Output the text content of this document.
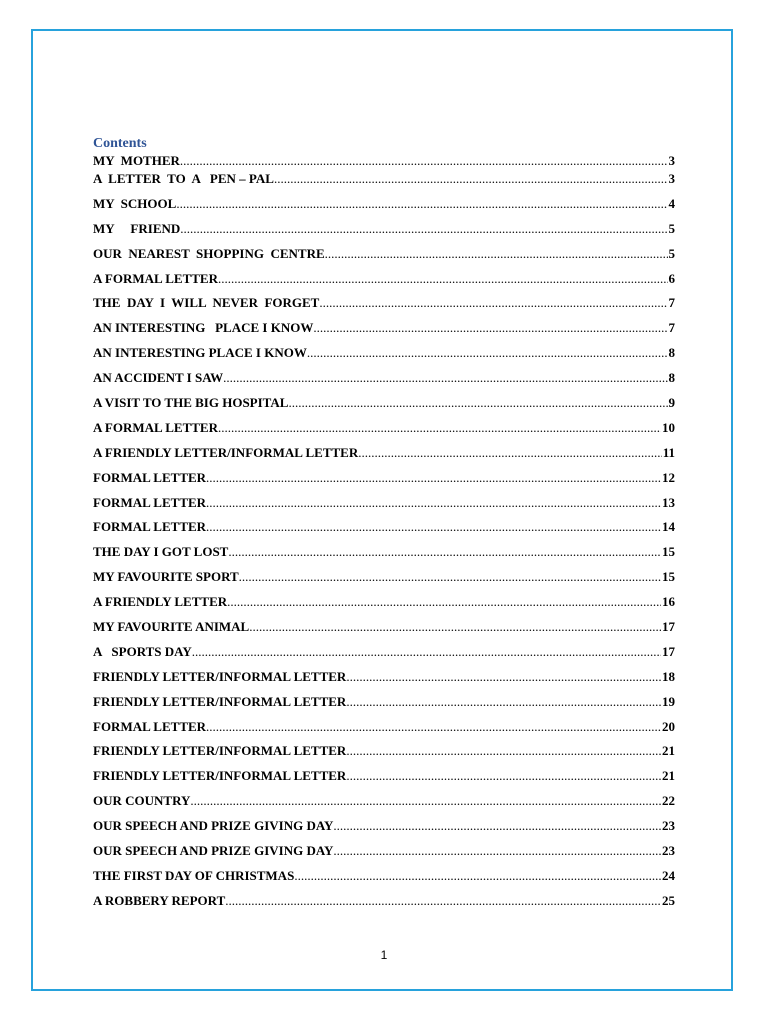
Contents

MY  MOTHER .....	3
A  LETTER  TO  A   PEN – PAL .....	3
MY  SCHOOL .....	4
MY     FRIEND .....	5
OUR  NEAREST  SHOPPING  CENTRE .....	5
A FORMAL LETTER .....	6
THE  DAY  I  WILL  NEVER  FORGET .....	7
AN INTERESTING   PLACE I KNOW .....	7
AN INTERESTING PLACE I KNOW .....	8
AN ACCIDENT I SAW .....	8
A VISIT TO THE BIG HOSPITAL .....	9
A FORMAL LETTER .....	10
A FRIENDLY LETTER/INFORMAL LETTER .....	11
FORMAL LETTER .....	12
FORMAL LETTER .....	13
FORMAL LETTER .....	14
THE DAY I GOT LOST .....	15
MY FAVOURITE SPORT .....	15
A FRIENDLY LETTER .....	16
MY FAVOURITE ANIMAL .....	17
A   SPORTS DAY .....	17
FRIENDLY LETTER/INFORMAL LETTER .....	18
FRIENDLY LETTER/INFORMAL LETTER .....	19
FORMAL LETTER .....	20
FRIENDLY LETTER/INFORMAL LETTER .....	21
FRIENDLY LETTER/INFORMAL LETTER .....	21
OUR COUNTRY .....	22
OUR SPEECH AND PRIZE GIVING DAY .....	23
OUR SPEECH AND PRIZE GIVING DAY .....	23
THE FIRST DAY OF CHRISTMAS .....	24
A ROBBERY REPORT .....	25
1
